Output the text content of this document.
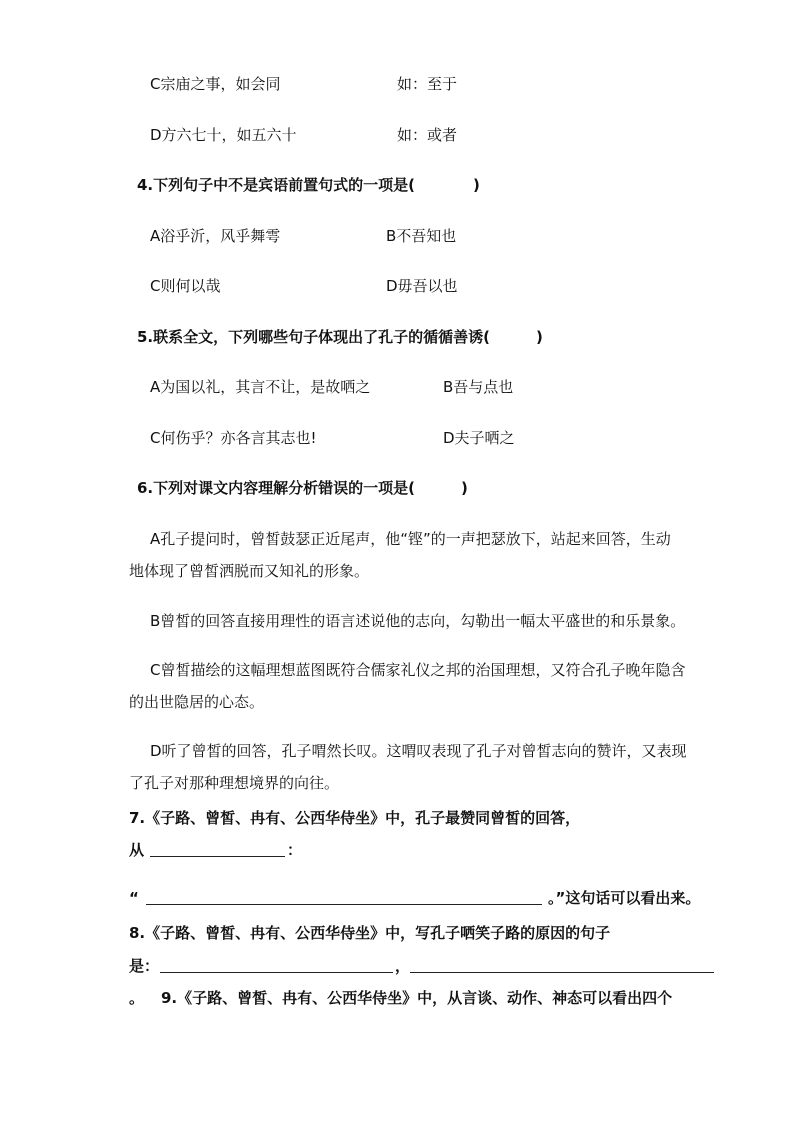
C宗庙之事，如会同	如：至于
D方六七十，如五六十	如：或者
4.下列句子中不是宾语前置句式的一项是(	)
A浴乎沂，风乎舞雩	B不吾知也
C则何以哉	D毋吾以也
5.联系全文，下列哪些句子体现出了孔子的循循善诱(	)
A为国以礼，其言不让，是故哂之	B吾与点也
C何伤乎？亦各言其志也!	D夫子哂之
6.下列对课文内容理解分析错误的一项是(	)
A孔子提问时，曾皙鼓瑟正近尾声，他“铿”的一声把瑟放下，站起来回答，生动
地体现了曾皙洒脱而又知礼的形象。
B曾皙的回答直接用理性的语言述说他的志向，勾勒出一幅太平盛世的和乐景象。
C曾皙描绘的这幅理想蓝图既符合儒家礼仪之邦的治国理想，又符合孔子晚年隐含
的出世隐居的心态。
D听了曾皙的回答，孔子喟然长叹。这喟叹表现了孔子对曾皙志向的赞许，又表现
了孔子对那种理想境界的向往。
7.《子路、曾皙、冉有、公西华侍坐》中，孔子最赞同曾皙的回答，
从	：
“	。”这句话可以看出来。
8.《子路、曾皙、冉有、公西华侍坐》中，写孔子哂笑子路的原因的句子
是：	，
。 9.《子路、曾皙、冉有、公西华侍坐》中，从言谈、动作、神态可以看出四个
